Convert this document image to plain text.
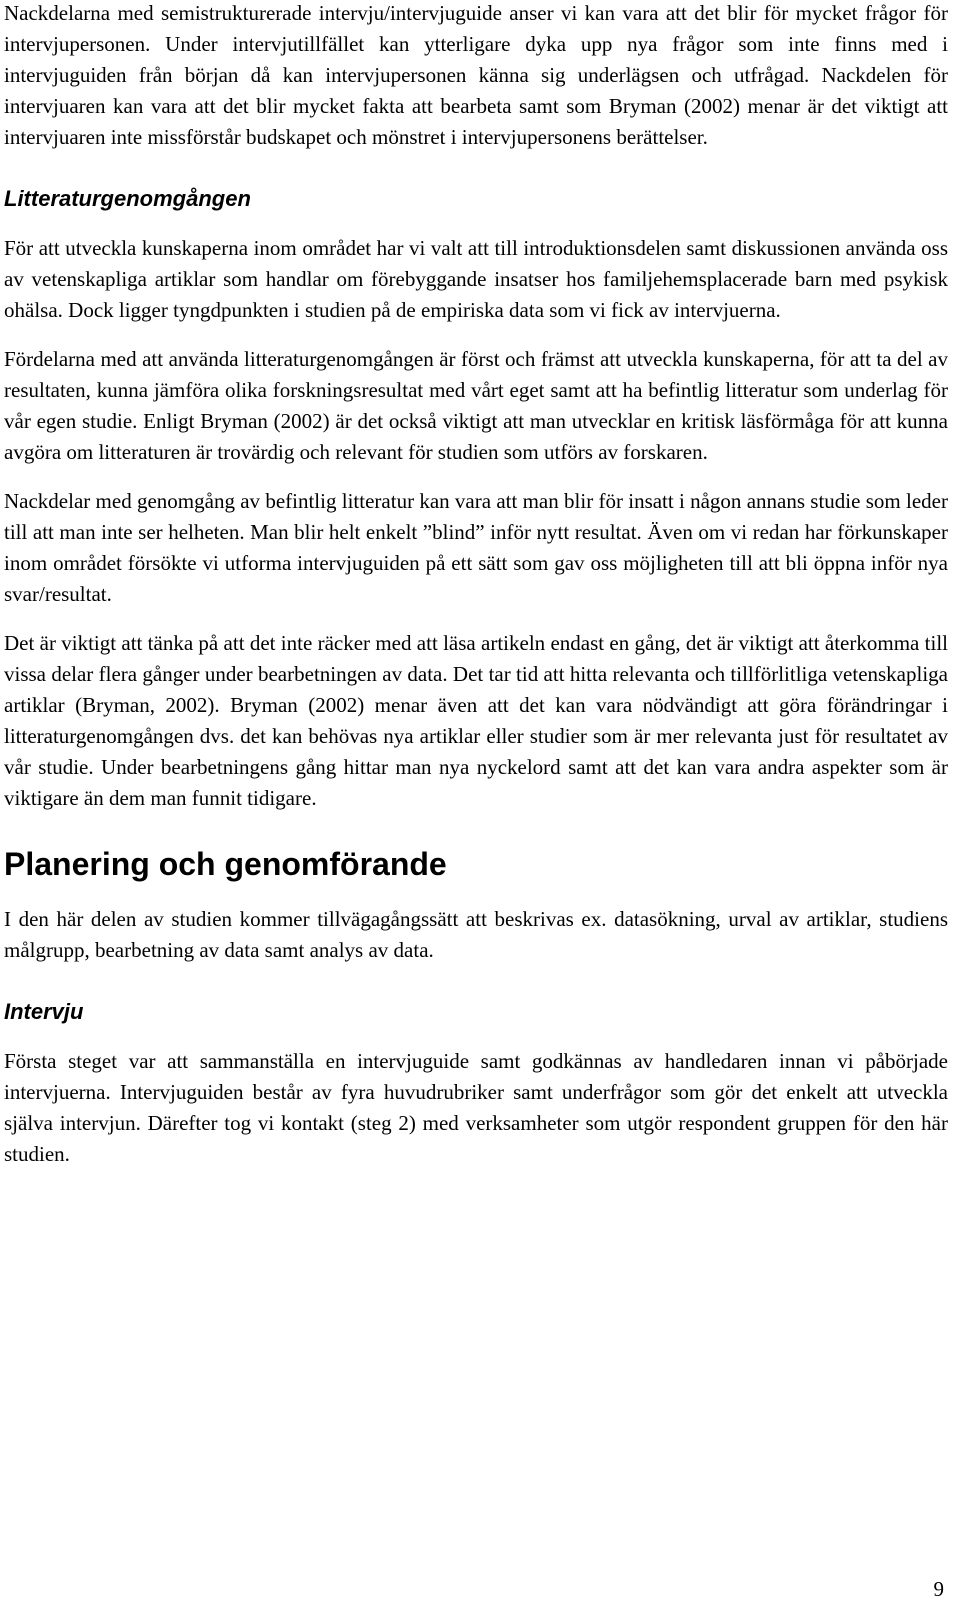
Nackdelarna med semistrukturerade intervju/intervjuguide anser vi kan vara att det blir för mycket frågor för intervjupersonen. Under intervjutillfället kan ytterligare dyka upp nya frågor som inte finns med i intervjuguiden från början då kan intervjupersonen känna sig underlägsen och utfrågad. Nackdelen för intervjuaren kan vara att det blir mycket fakta att bearbeta samt som Bryman (2002) menar är det viktigt att intervjuaren inte missförstår budskapet och mönstret i intervjupersonens berättelser.

Litteraturgenomgången

För att utveckla kunskaperna inom området har vi valt att till introduktionsdelen samt diskussionen använda oss av vetenskapliga artiklar som handlar om förebyggande insatser hos familjehemsplacerade barn med psykisk ohälsa. Dock ligger tyngdpunkten i studien på de empiriska data som vi fick av intervjuerna.

Fördelarna med att använda litteraturgenomgången är först och främst att utveckla kunskaperna, för att ta del av resultaten, kunna jämföra olika forskningsresultat med vårt eget samt att ha befintlig litteratur som underlag för vår egen studie. Enligt Bryman (2002) är det också viktigt att man utvecklar en kritisk läsförmåga för att kunna avgöra om litteraturen är trovärdig och relevant för studien som utförs av forskaren.

Nackdelar med genomgång av befintlig litteratur kan vara att man blir för insatt i någon annans studie som leder till att man inte ser helheten. Man blir helt enkelt ”blind” inför nytt resultat. Även om vi redan har förkunskaper inom området försökte vi utforma intervjuguiden på ett sätt som gav oss möjligheten till att bli öppna inför nya svar/resultat.

Det är viktigt att tänka på att det inte räcker med att läsa artikeln endast en gång, det är viktigt att återkomma till vissa delar flera gånger under bearbetningen av data. Det tar tid att hitta relevanta och tillförlitliga vetenskapliga artiklar (Bryman, 2002). Bryman (2002) menar även att det kan vara nödvändigt att göra förändringar i litteraturgenomgången dvs. det kan behövas nya artiklar eller studier som är mer relevanta just för resultatet av vår studie. Under bearbetningens gång hittar man nya nyckelord samt att det kan vara andra aspekter som är viktigare än dem man funnit tidigare.

Planering och genomförande

I den här delen av studien kommer tillvägagångssätt att beskrivas ex. datasökning, urval av artiklar, studiens målgrupp, bearbetning av data samt analys av data.

Intervju

Första steget var att sammanställa en intervjuguide samt godkännas av handledaren innan vi påbörjade intervjuerna. Intervjuguiden består av fyra huvudrubriker samt underfrågor som gör det enkelt att utveckla själva intervjun. Därefter tog vi kontakt (steg 2) med verksamheter som utgör respondent gruppen för den här studien.

9
